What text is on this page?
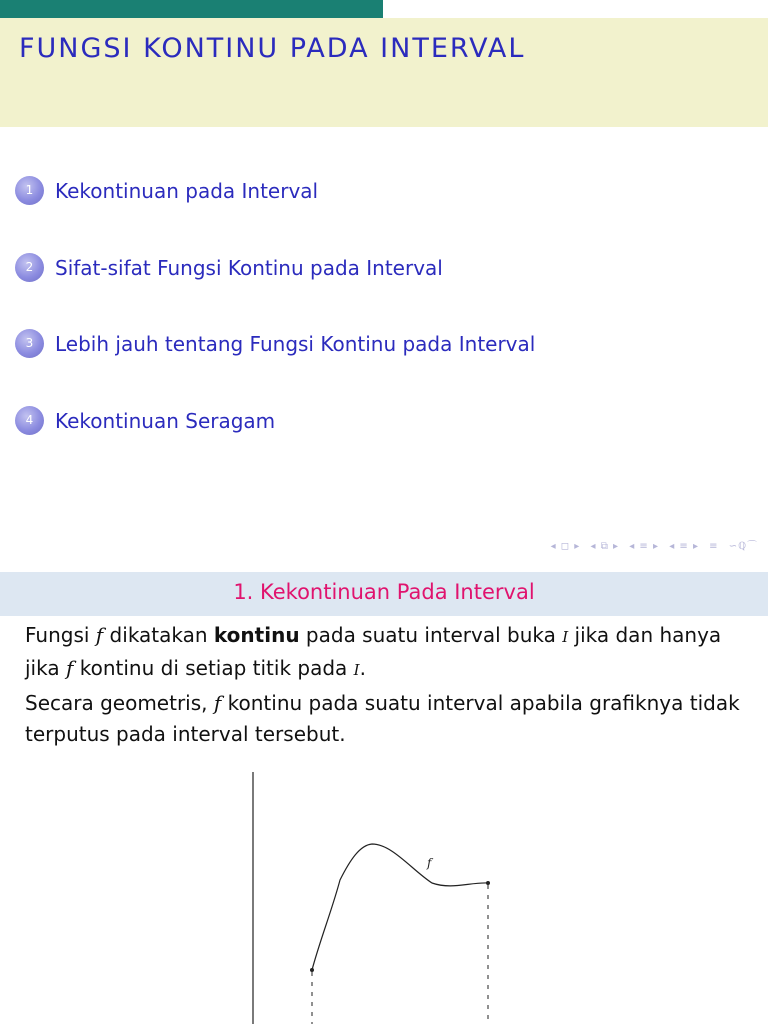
FUNGSI KONTINU PADA INTERVAL
1	Kekontinuan pada Interval
2	Sifat-sifat Fungsi Kontinu pada Interval
3	Lebih jauh tentang Fungsi Kontinu pada Interval
4	Kekontinuan Seragam
◂ ◻ ▸ ◂ ⧉ ▸ ◂ ≡ ▸ ◂ ≡ ▸ ≡ ∽ℚ⌒
1. Kekontinuan Pada Interval
Fungsi f dikatakan kontinu pada suatu interval buka I jika dan hanya jika f kontinu di setiap titik pada I.
Secara geometris, f kontinu pada suatu interval apabila grafiknya tidak terputus pada interval tersebut.
f
